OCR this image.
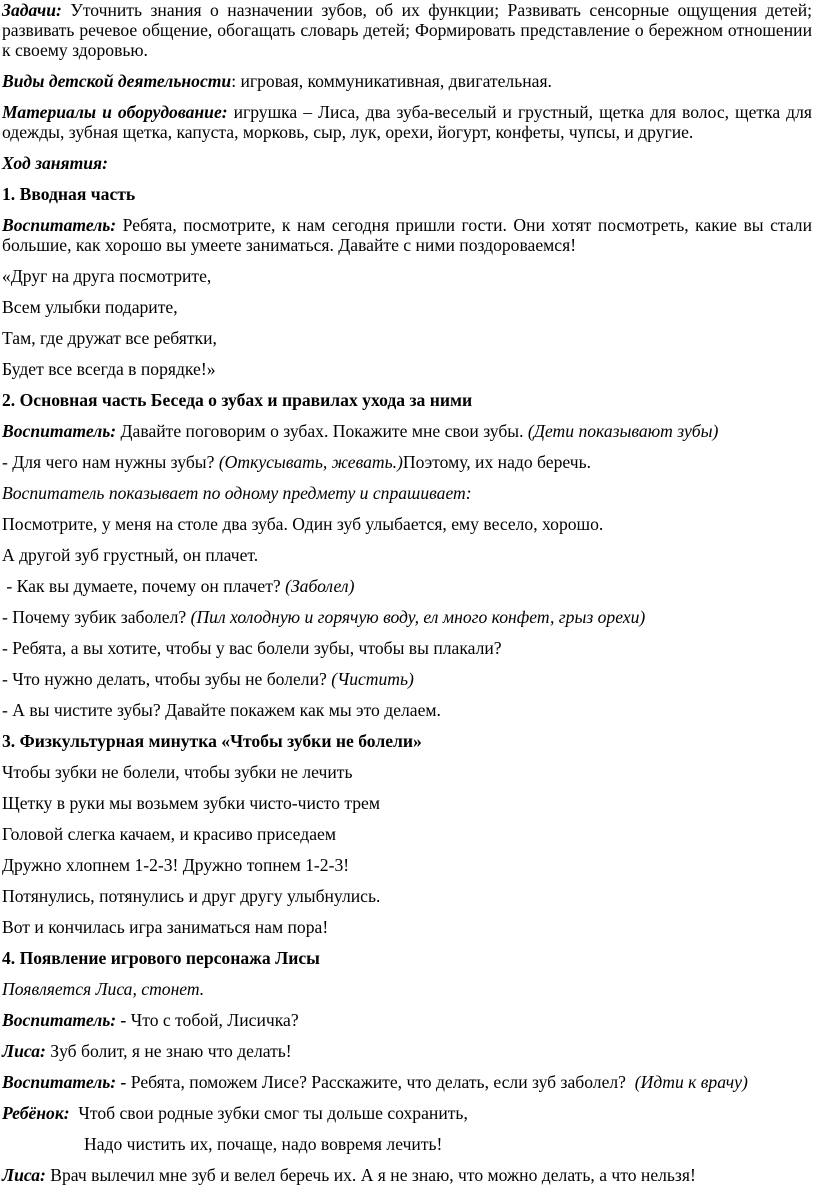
Задачи: Уточнить знания о назначении зубов, об их функции; Развивать сенсорные ощущения детей; развивать речевое общение, обогащать словарь детей; Формировать представление о бережном отношении к своему здоровью.

Виды детской деятельности: игровая, коммуникативная, двигательная.

Материалы и оборудование: игрушка – Лиса, два зуба-веселый и грустный, щетка для волос, щетка для одежды, зубная щетка, капуста, морковь, сыр, лук, орехи, йогурт, конфеты, чупсы, и другие.

Ход занятия:

1. Вводная часть

Воспитатель: Ребята, посмотрите, к нам сегодня пришли гости. Они хотят посмотреть, какие вы стали большие, как хорошо вы умеете заниматься. Давайте с ними поздороваемся!

«Друг на друга посмотрите,

Всем улыбки подарите,

Там, где дружат все ребятки,

Будет все всегда в порядке!»

2. Основная часть Беседа о зубах и правилах ухода за ними

Воспитатель: Давайте поговорим о зубах. Покажите мне свои зубы. (Дети показывают зубы)

- Для чего нам нужны зубы? (Откусывать, жевать.)Поэтому, их надо беречь.

Воспитатель показывает по одному предмету и спрашивает:

Посмотрите, у меня на столе два зуба. Один зуб улыбается, ему весело, хорошо.

А другой зуб грустный, он плачет.

- Как вы думаете, почему он плачет? (Заболел)

- Почему зубик заболел? (Пил холодную и горячую воду, ел много конфет, грыз орехи)

- Ребята, а вы хотите, чтобы у вас болели зубы, чтобы вы плакали?

- Что нужно делать, чтобы зубы не болели? (Чистить)

- А вы чистите зубы? Давайте покажем как мы это делаем.

3. Физкультурная минутка «Чтобы зубки не болели»

Чтобы зубки не болели, чтобы зубки не лечить

Щетку в руки мы возьмем зубки чисто-чисто трем

Головой слегка качаем, и красиво приседаем

Дружно хлопнем 1-2-3! Дружно топнем 1-2-3!

Потянулись, потянулись и друг другу улыбнулись.

Вот и кончилась игра заниматься нам пора!

4. Появление игрового персонажа Лисы

Появляется Лиса, стонет.

Воспитатель: - Что с тобой, Лисичка?

Лиса: Зуб болит, я не знаю что делать!

Воспитатель: - Ребята, поможем Лисе? Расскажите, что делать, если зуб заболел?  (Идти к врачу)

Ребёнок:  Чтоб свои родные зубки смог ты дольше сохранить,

Надо чистить их, почаще, надо вовремя лечить!

Лиса: Врач вылечил мне зуб и велел беречь их. А я не знаю, что можно делать, а что нельзя!
